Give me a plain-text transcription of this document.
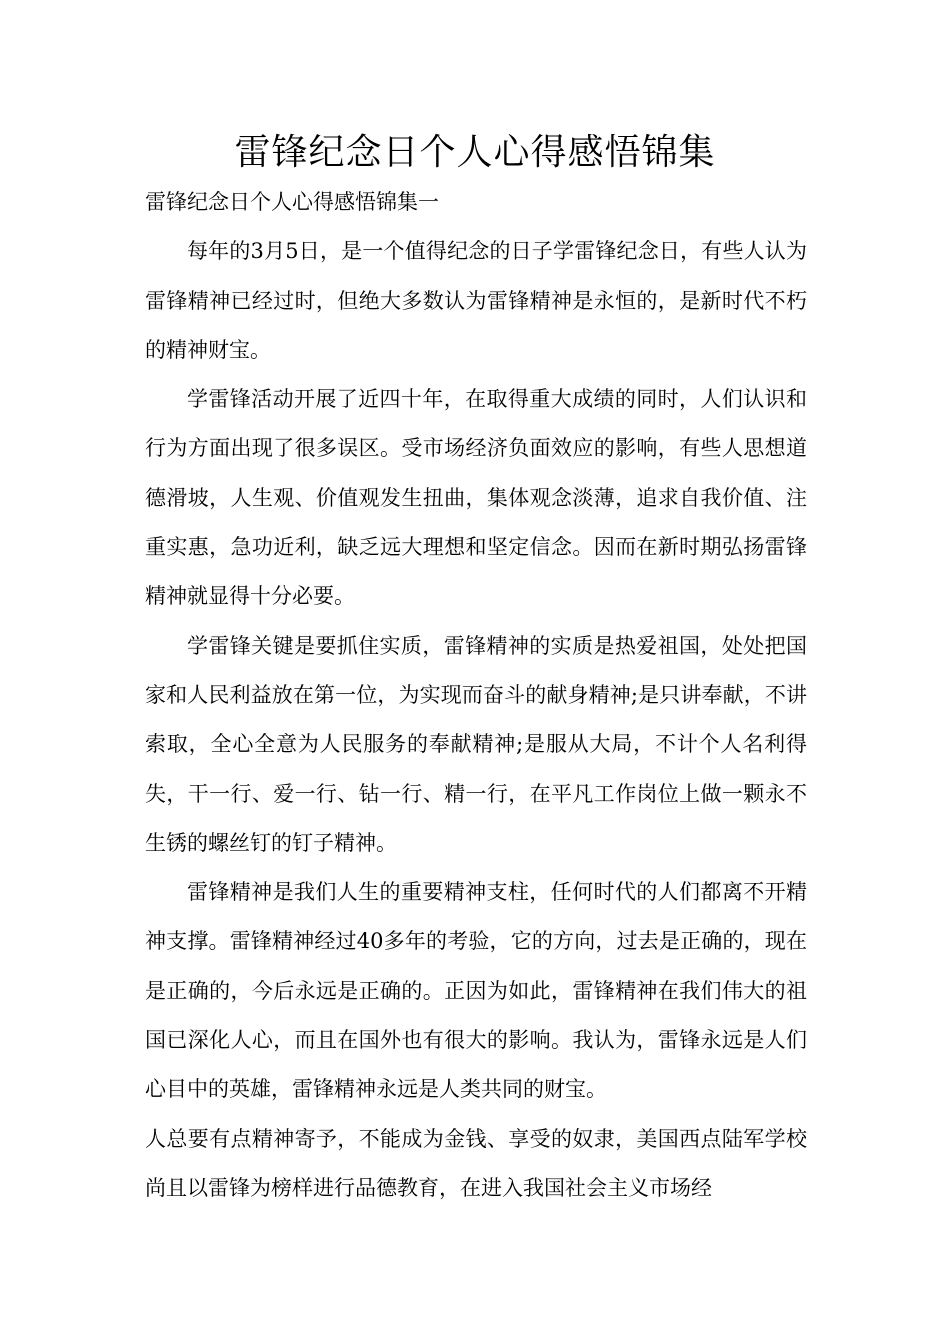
雷锋纪念日个人心得感悟锦集

雷锋纪念日个人心得感悟锦集一

每年的3月5日，是一个值得纪念的日子学雷锋纪念日，有些人认为雷锋精神已经过时，但绝大多数认为雷锋精神是永恒的，是新时代不朽的精神财宝。

学雷锋活动开展了近四十年，在取得重大成绩的同时，人们认识和行为方面出现了很多误区。受市场经济负面效应的影响，有些人思想道德滑坡，人生观、价值观发生扭曲，集体观念淡薄，追求自我价值、注重实惠，急功近利，缺乏远大理想和坚定信念。因而在新时期弘扬雷锋精神就显得十分必要。

学雷锋关键是要抓住实质，雷锋精神的实质是热爱祖国，处处把国家和人民利益放在第一位，为实现而奋斗的献身精神;是只讲奉献，不讲索取，全心全意为人民服务的奉献精神;是服从大局，不计个人名利得失，干一行、爱一行、钻一行、精一行，在平凡工作岗位上做一颗永不生锈的螺丝钉的钉子精神。

雷锋精神是我们人生的重要精神支柱，任何时代的人们都离不开精神支撑。雷锋精神经过40多年的考验，它的方向，过去是正确的，现在是正确的，今后永远是正确的。正因为如此，雷锋精神在我们伟大的祖国已深化人心，而且在国外也有很大的影响。我认为，雷锋永远是人们心目中的英雄，雷锋精神永远是人类共同的财宝。

人总要有点精神寄予，不能成为金钱、享受的奴隶，美国西点陆军学校尚且以雷锋为榜样进行品德教育，在进入我国社会主义市场经
